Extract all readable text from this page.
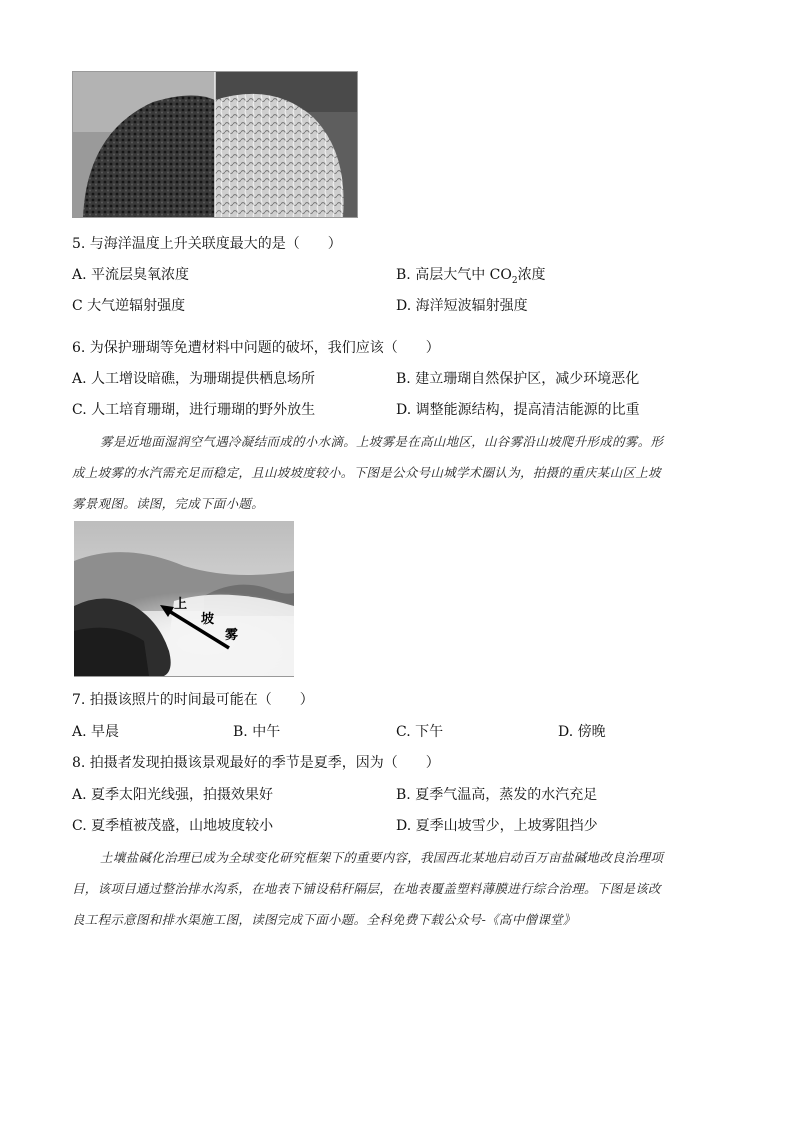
5. 与海洋温度上升关联度最大的是（　　）
A. 平流层臭氧浓度	B. 高层大气中 $CO_2$浓度
C 大气逆辐射强度	D. 海洋短波辐射强度
6. 为保护珊瑚等免遭材料中问题的破坏，我们应该（　　）
A. 人工增设暗礁，为珊瑚提供栖息场所	B. 建立珊瑚自然保护区，减少环境恶化
C. 人工培育珊瑚，进行珊瑚的野外放生	D. 调整能源结构，提高清洁能源的比重
雾是近地面湿润空气遇冷凝结而成的小水滴。上坡雾是在高山地区，山谷雾沿山坡爬升形成的雾。形
成上坡雾的水汽需充足而稳定，且山坡坡度较小。下图是公众号山城学术圈认为，拍摄的重庆某山区上坡
雾景观图。读图，完成下面小题。
上
坡
雾
7. 拍摄该照片的时间最可能在（　　）
A. 早晨	B. 中午	C. 下午	D. 傍晚
8. 拍摄者发现拍摄该景观最好的季节是夏季，因为（　　）
A. 夏季太阳光线强，拍摄效果好	B. 夏季气温高，蒸发的水汽充足
C. 夏季植被茂盛，山地坡度较小	D. 夏季山坡雪少，上坡雾阻挡少
土壤盐碱化治理已成为全球变化研究框架下的重要内容，我国西北某地启动百万亩盐碱地改良治理项
目，该项目通过整治排水沟系，在地表下铺设秸秆隔层，在地表覆盖塑料薄膜进行综合治理。下图是该改
良工程示意图和排水渠施工图，读图完成下面小题。全科免费下载公众号-《高中僧课堂》
